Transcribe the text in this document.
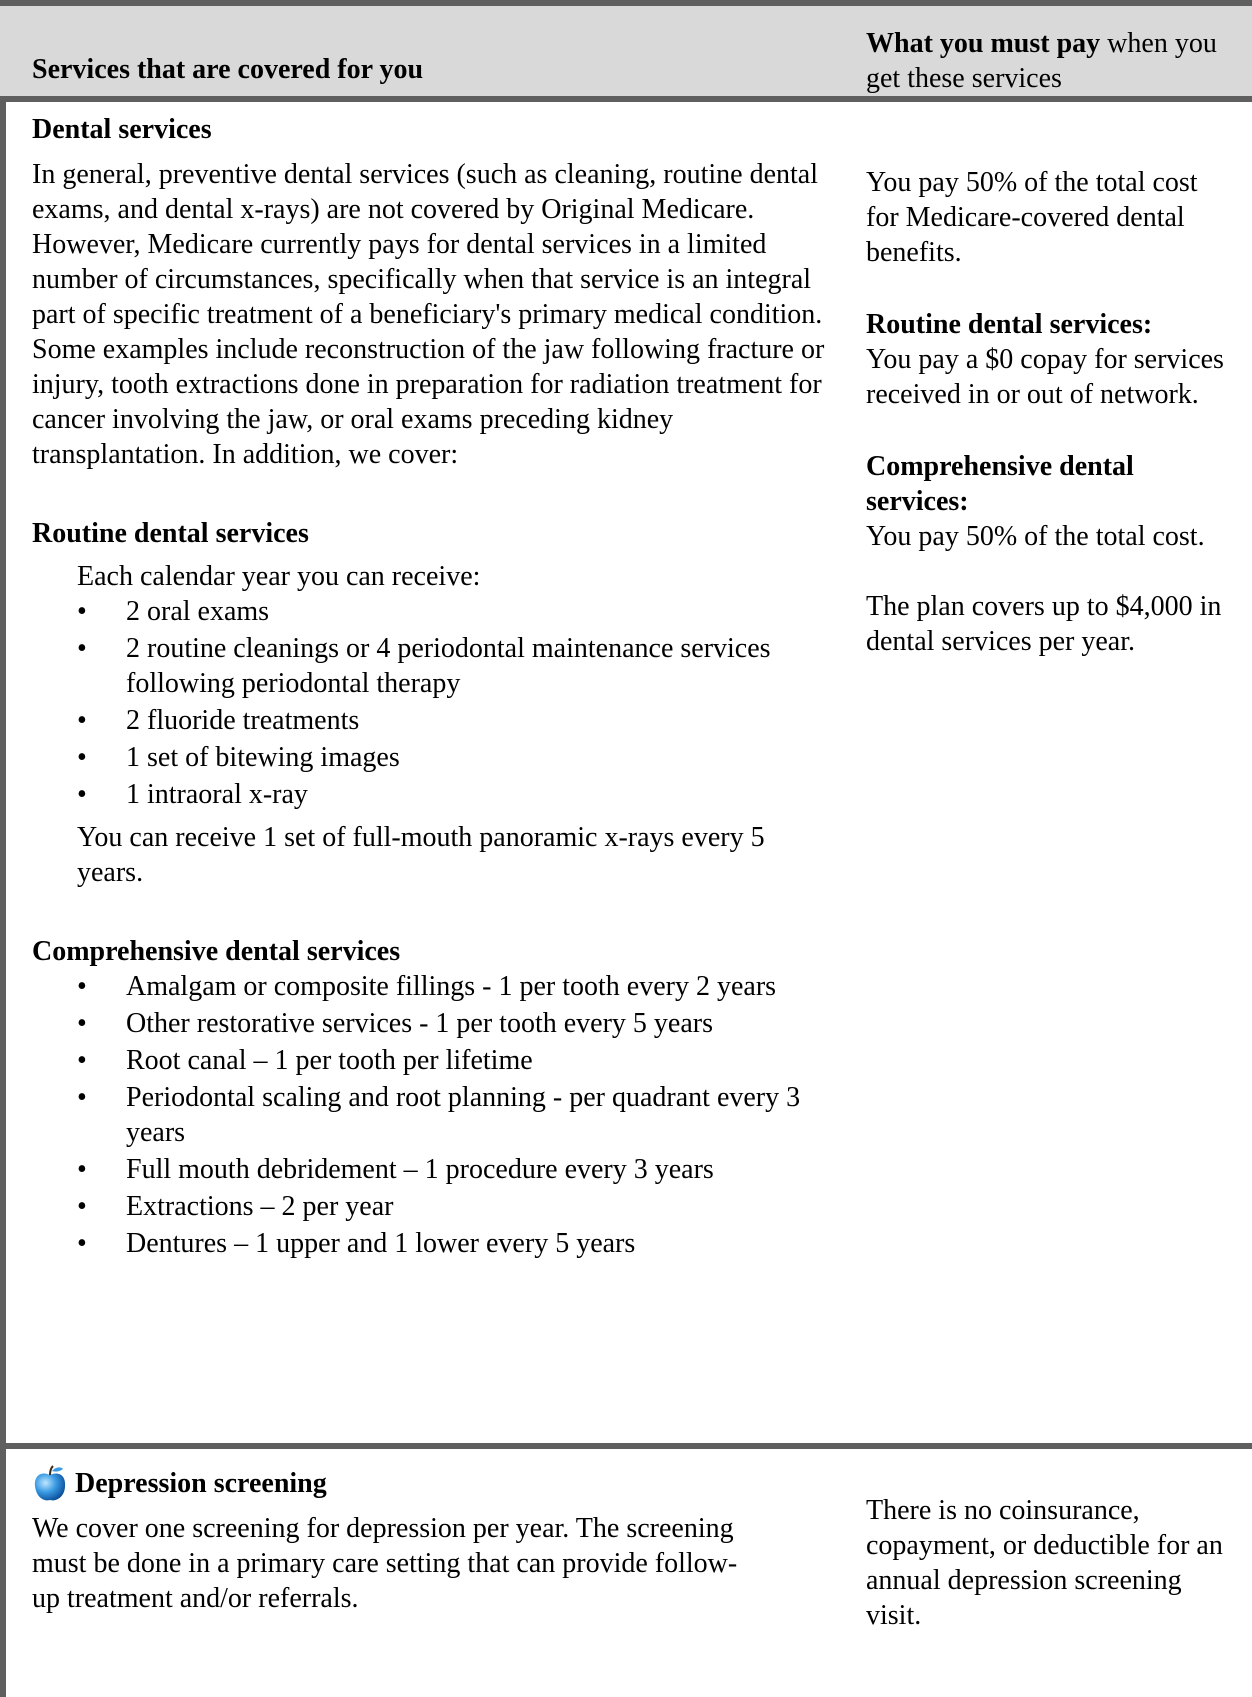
Services that are covered for you
What you must pay when you get these services
Dental services
In general, preventive dental services (such as cleaning, routine dental exams, and dental x-rays) are not covered by Original Medicare. However, Medicare currently pays for dental services in a limited number of circumstances, specifically when that service is an integral part of specific treatment of a beneficiary's primary medical condition. Some examples include reconstruction of the jaw following fracture or injury, tooth extractions done in preparation for radiation treatment for cancer involving the jaw, or oral exams preceding kidney transplantation. In addition, we cover:
Routine dental services
Each calendar year you can receive:
• 2 oral exams
• 2 routine cleanings or 4 periodontal maintenance services following periodontal therapy
• 2 fluoride treatments
• 1 set of bitewing images
• 1 intraoral x-ray
You can receive 1 set of full-mouth panoramic x-rays every 5 years.
Comprehensive dental services
• Amalgam or composite fillings - 1 per tooth every 2 years
• Other restorative services - 1 per tooth every 5 years
• Root canal – 1 per tooth per lifetime
• Periodontal scaling and root planning - per quadrant every 3 years
• Full mouth debridement – 1 procedure every 3 years
• Extractions – 2 per year
• Dentures – 1 upper and 1 lower every 5 years
You pay 50% of the total cost for Medicare-covered dental benefits.
Routine dental services:
You pay a $0 copay for services received in or out of network.
Comprehensive dental services:
You pay 50% of the total cost.
The plan covers up to $4,000 in dental services per year.
Depression screening
We cover one screening for depression per year. The screening must be done in a primary care setting that can provide follow-up treatment and/or referrals.
There is no coinsurance, copayment, or deductible for an annual depression screening visit.
